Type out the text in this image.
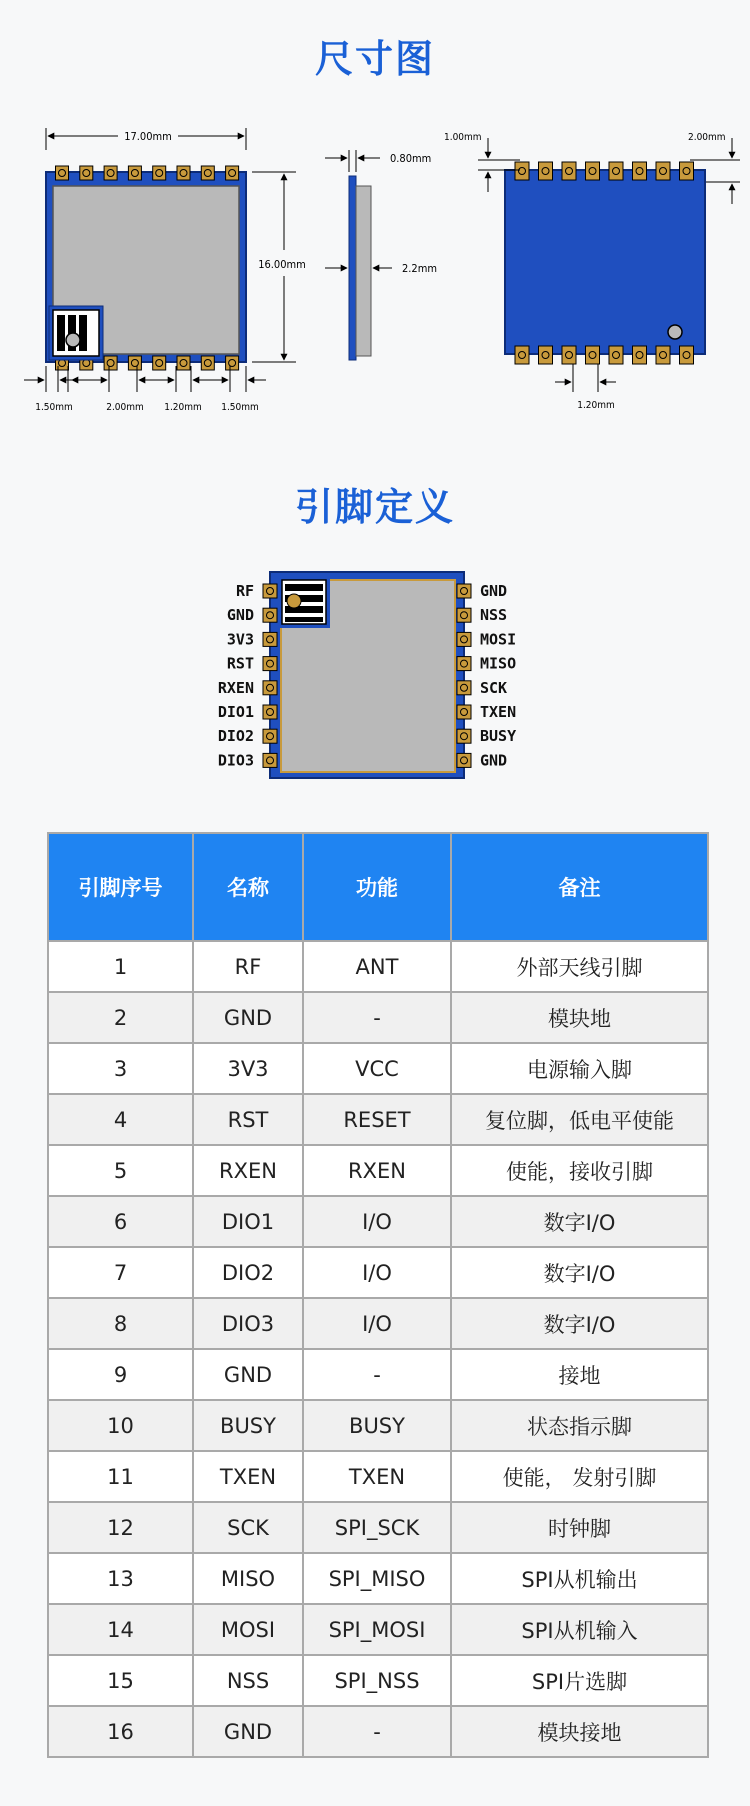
尺寸图
17.00mm
16.00mm
1.50mm	2.00mm 1.20mm 1.50mm
0.80mm
2.2mm
1.00mm	2.00mm
1.20mm
引脚定义
RF
GND
3V3
RST
RXEN
DIO1
DIO2
DIO3
GND
NSS
MOSI
MISO
SCK
TXEN
BUSY
GND
引脚序号	名称	功能	备注
1	RF	ANT	外部天线引脚
2	GND	-	模块地
3	3V3	VCC	电源输入脚
4	RST	RESET	复位脚，低电平使能
5	RXEN	RXEN	使能，接收引脚
6	DIO1	I/O	数字I/O
7	DIO2	I/O	数字I/O
8	DIO3	I/O	数字I/O
9	GND	-	接地
10	BUSY	BUSY	状态指示脚
11	TXEN	TXEN	使能， 发射引脚
12	SCK	SPI_SCK	时钟脚
13	MISO	SPI_MISO	SPI从机输出
14	MOSI	SPI_MOSI	SPI从机输入
15	NSS	SPI_NSS	SPI片选脚
16	GND	-	模块接地
